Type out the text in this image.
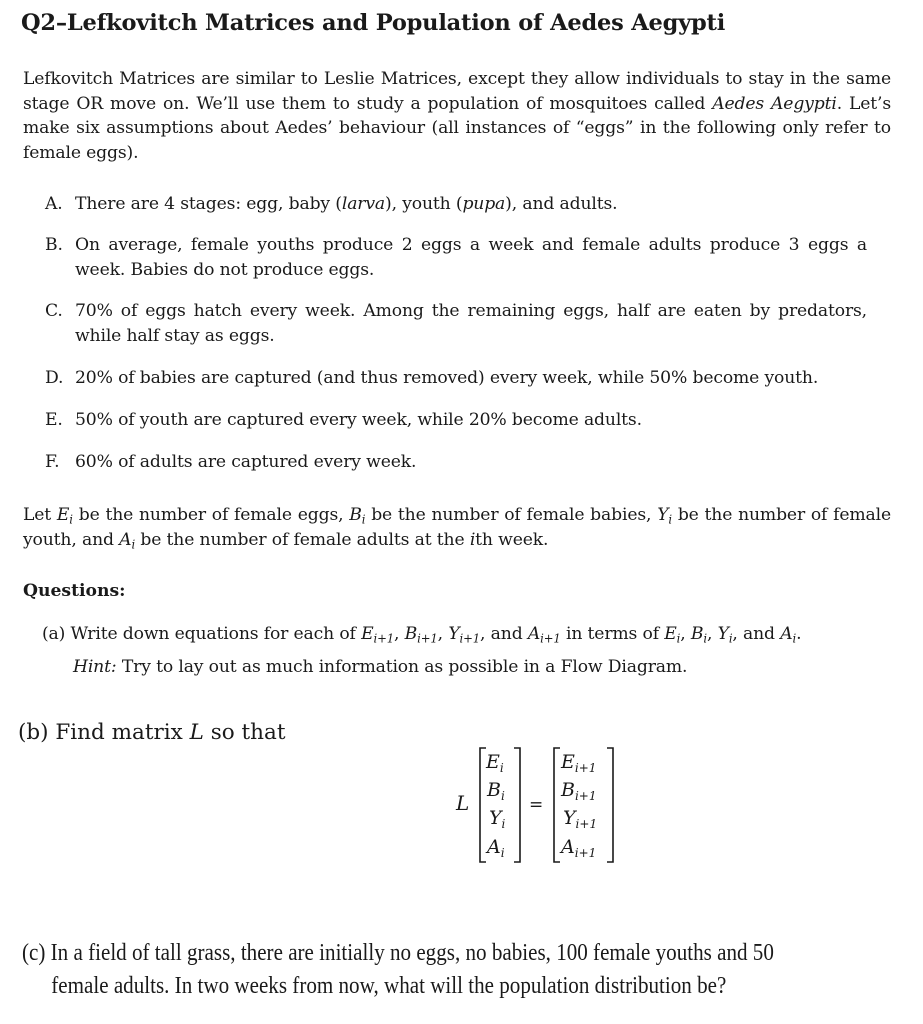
Q2–Lefkovitch Matrices and Population of Aedes Aegypti
Lefkovitch Matrices are similar to Leslie Matrices, except they allow individuals to stay in the same stage OR move on. We’ll use them to study a population of mosquitoes called Aedes Aegypti. Let’s make six assumptions about Aedes’ behaviour (all instances of “eggs” in the following only refer to female eggs).
A. There are 4 stages: egg, baby (larva), youth (pupa), and adults.
B. On average, female youths produce 2 eggs a week and female adults produce 3 eggs a week. Babies do not produce eggs.
C. 70% of eggs hatch every week. Among the remaining eggs, half are eaten by predators, while half stay as eggs.
D. 20% of babies are captured (and thus removed) every week, while 50% become youth.
E. 50% of youth are captured every week, while 20% become adults.
F. 60% of adults are captured every week.
Let $E_i$ be the number of female eggs, $B_i$ be the number of female babies, $Y_i$ be the number of female youth, and $A_i$ be the number of female adults at the ith week.
Questions:
(a) Write down equations for each of $E_{i+1}$, $B_{i+1}$, $Y_{i+1}$, and $A_{i+1}$ in terms of $E_i$, $B_i$, $Y_i$, and $A_i$.
Hint: Try to lay out as much information as possible in a Flow Diagram.
(b) Find matrix L so that
L
$E_i$
$B_i$
$Y_i$
$A_i$
=
$E_{i+1}$
$B_{i+1}$
$Y_{i+1}$
$A_{i+1}$
(c) In a field of tall grass, there are initially no eggs, no babies, 100 female youths and 50
female adults. In two weeks from now, what will the population distribution be?
